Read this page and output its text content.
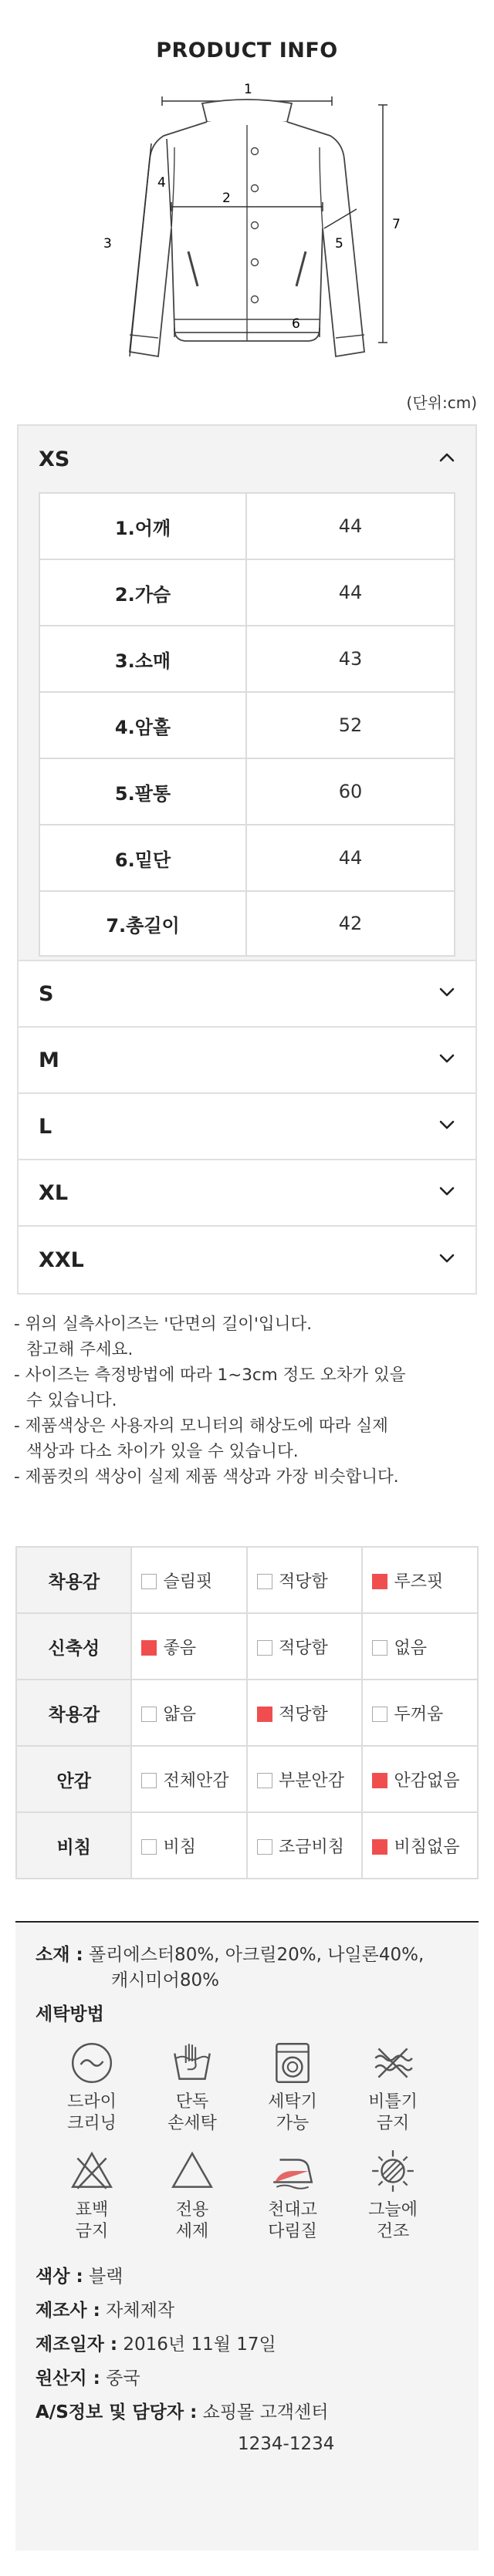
PRODUCT INFO
1
2
3
4
5
6
7
(단위:cm)
XS
1.어깨	44
2.가슴	44
3.소매	43
4.암홀	52
5.팔통	60
6.밑단	44
7.총길이	42
S
M
L
XL
XXL
- 위의 실측사이즈는 '단면의 길이'입니다.
참고해 주세요.
- 사이즈는 측정방법에 따라 1~3cm 정도 오차가 있을
수 있습니다.
- 제품색상은 사용자의 모니터의 해상도에 따라 실제
색상과 다소 차이가 있을 수 있습니다.
- 제품컷의 색상이 실제 제품 색상과 가장 비슷합니다.
착용감	슬림핏	적당함	루즈핏
신축성	좋음	적당함	없음
착용감	얇음	적당함	두꺼움
안감	전체안감	부분안감	안감없음
비침	비침	조금비침	비침없음
소재 : 폴리에스터80%, 아크릴20%, 나일론40%,
캐시미어80%
세탁방법
드라이
크리닝
단독
손세탁
세탁기
가능
비틀기
금지
표백
금지
전용
세제
천대고
다림질
그늘에
건조
색상 : 블랙
제조사 : 자체제작
제조일자 : 2016년 11월 17일
원산지 : 중국
A/S정보 및 담당자 : 쇼핑몰 고객센터
1234-1234
